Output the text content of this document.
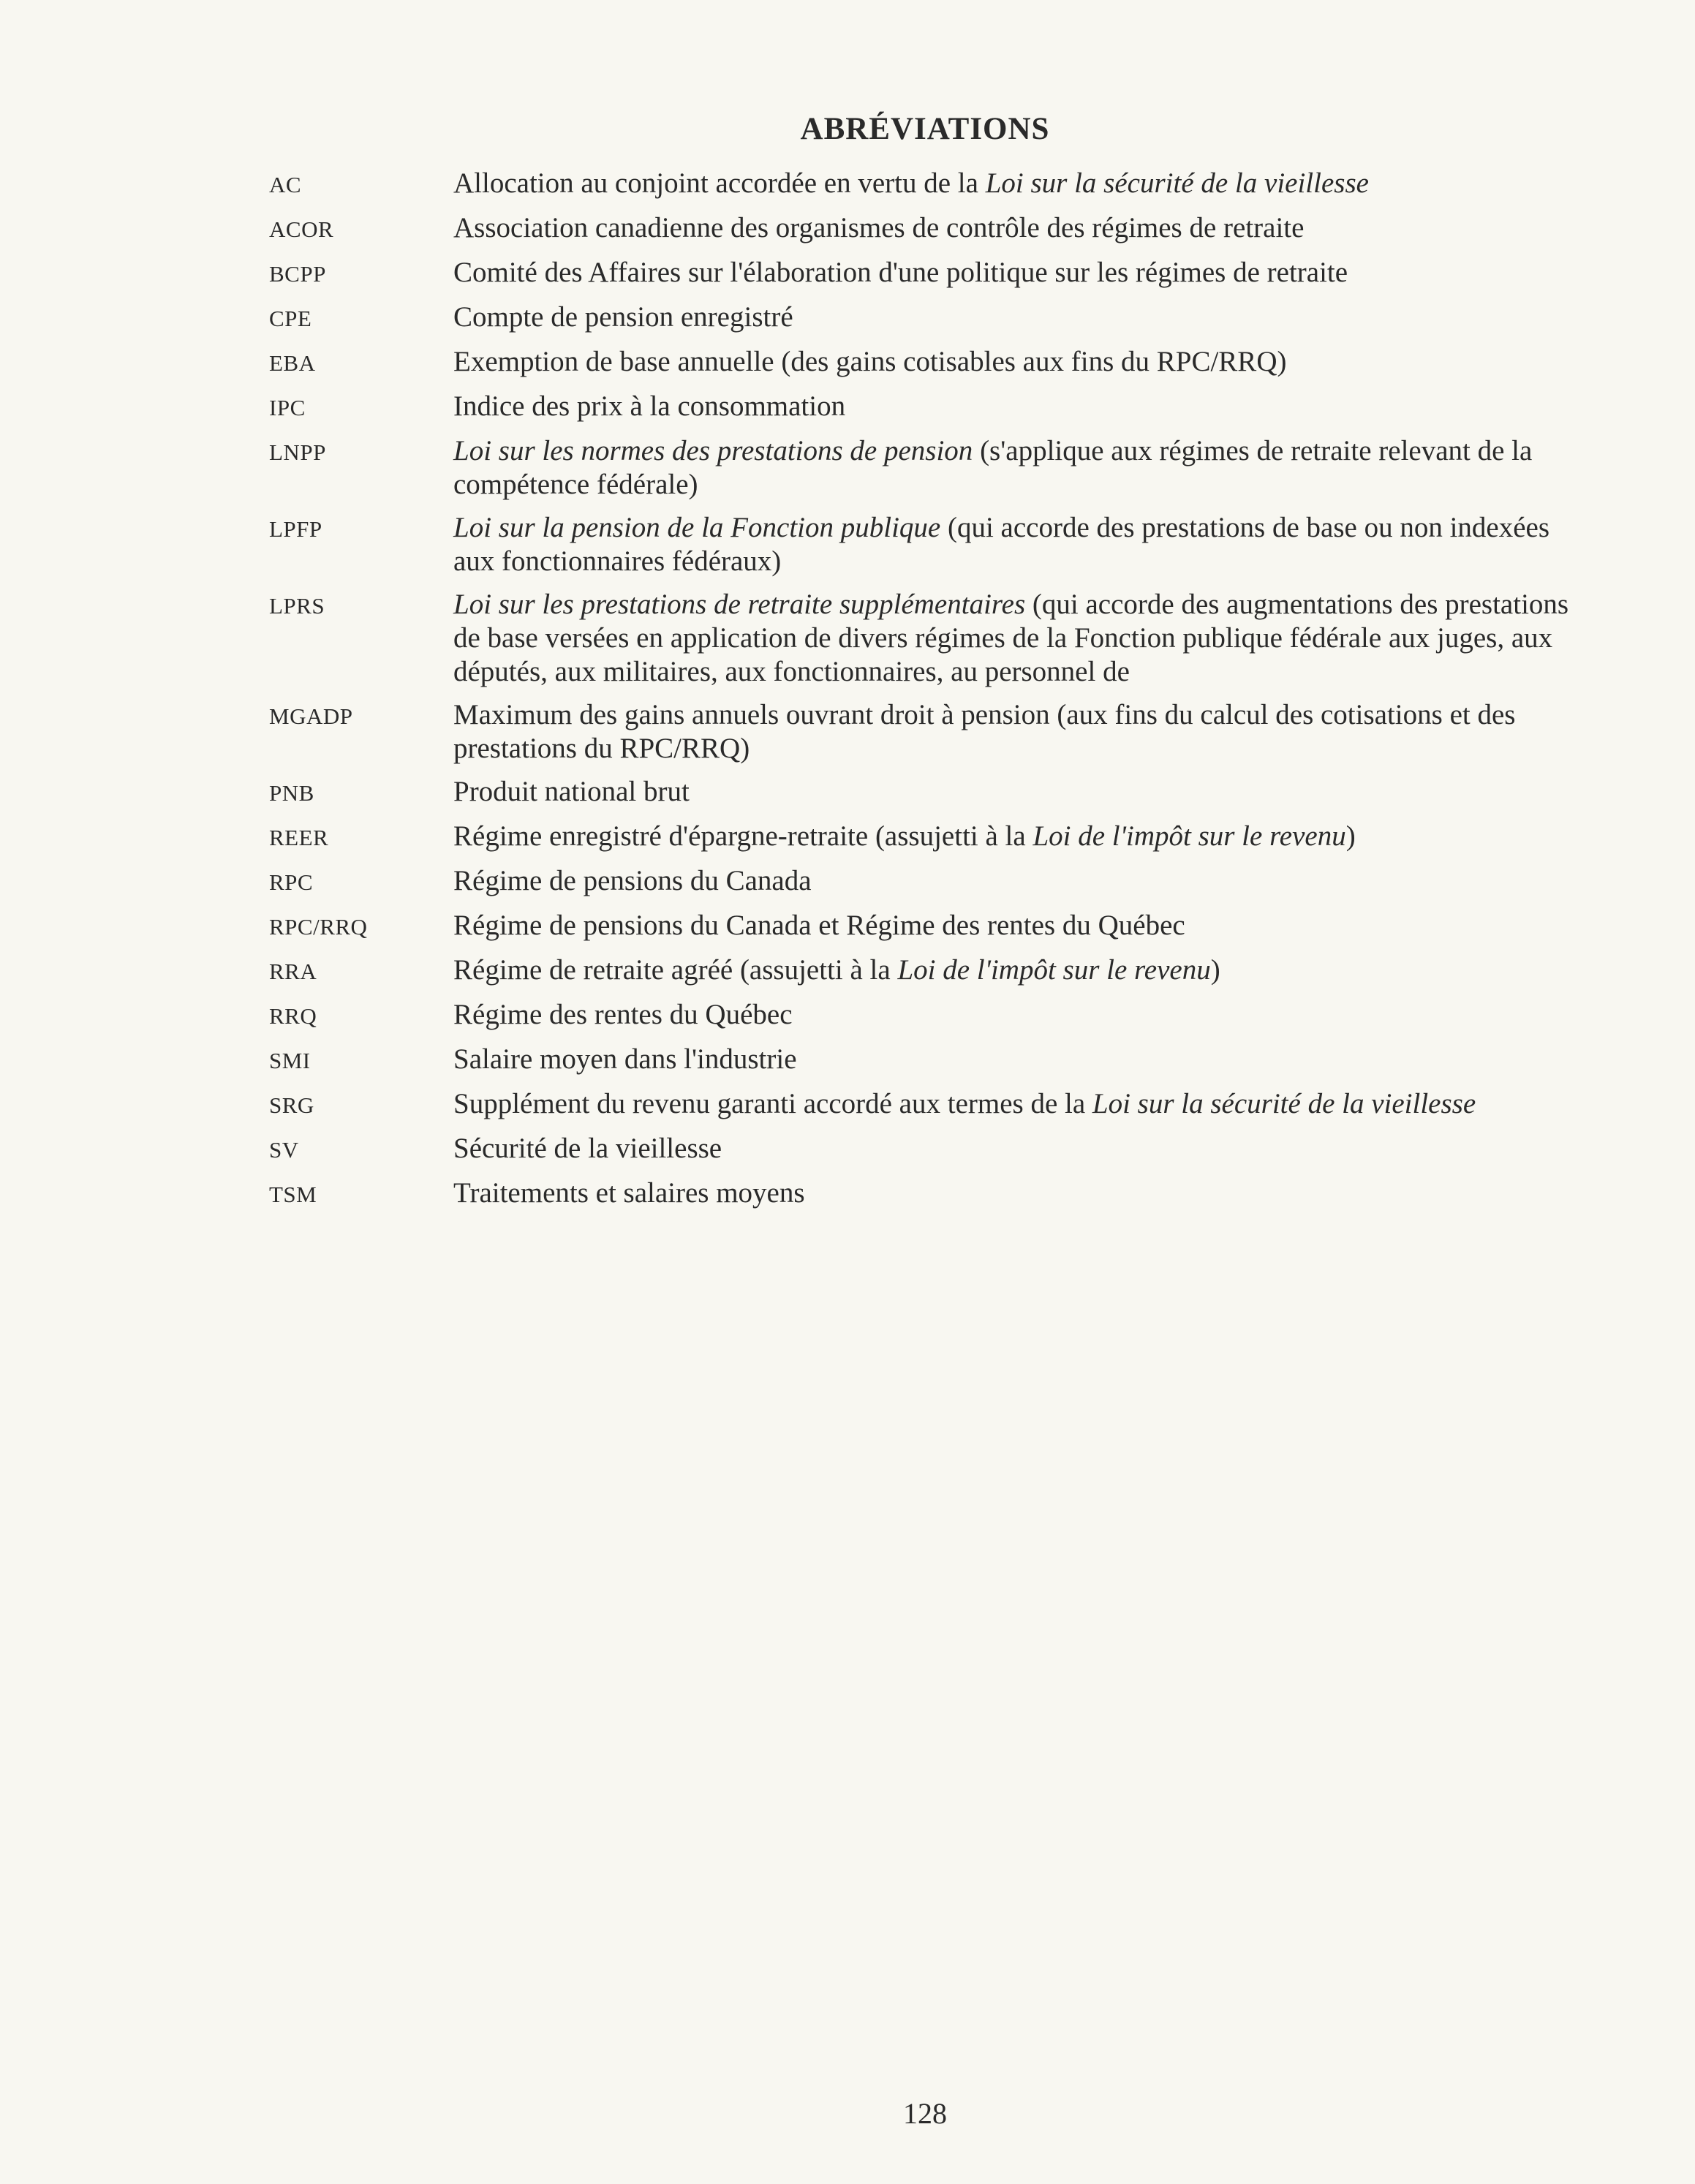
ABRÉVIATIONS
AC	Allocation au conjoint accordée en vertu de la Loi sur la sécurité de la vieillesse
ACOR	Association canadienne des organismes de contrôle des régimes de retraite
BCPP	Comité des Affaires sur l'élaboration d'une politique sur les régimes de retraite
CPE	Compte de pension enregistré
EBA	Exemption de base annuelle (des gains cotisables aux fins du RPC/RRQ)
IPC	Indice des prix à la consommation
LNPP	Loi sur les normes des prestations de pension (s'applique aux régimes de retraite relevant de la compétence fédérale)
LPFP	Loi sur la pension de la Fonction publique (qui accorde des prestations de base ou non indexées aux fonctionnaires fédéraux)
LPRS	Loi sur les prestations de retraite supplémentaires (qui accorde des augmentations des prestations de base versées en application de divers régimes de la Fonction publique fédérale aux juges, aux députés, aux militaires, aux fonctionnaires, au personnel de
MGADP	Maximum des gains annuels ouvrant droit à pension (aux fins du calcul des cotisations et des prestations du RPC/RRQ)
PNB	Produit national brut
REER	Régime enregistré d'épargne-retraite (assujetti à la Loi de l'impôt sur le revenu)
RPC	Régime de pensions du Canada
RPC/RRQ	Régime de pensions du Canada et Régime des rentes du Québec
RRA	Régime de retraite agréé (assujetti à la Loi de l'impôt sur le revenu)
RRQ	Régime des rentes du Québec
SMI	Salaire moyen dans l'industrie
SRG	Supplément du revenu garanti accordé aux termes de la Loi sur la sécurité de la vieillesse
SV	Sécurité de la vieillesse
TSM	Traitements et salaires moyens
128
